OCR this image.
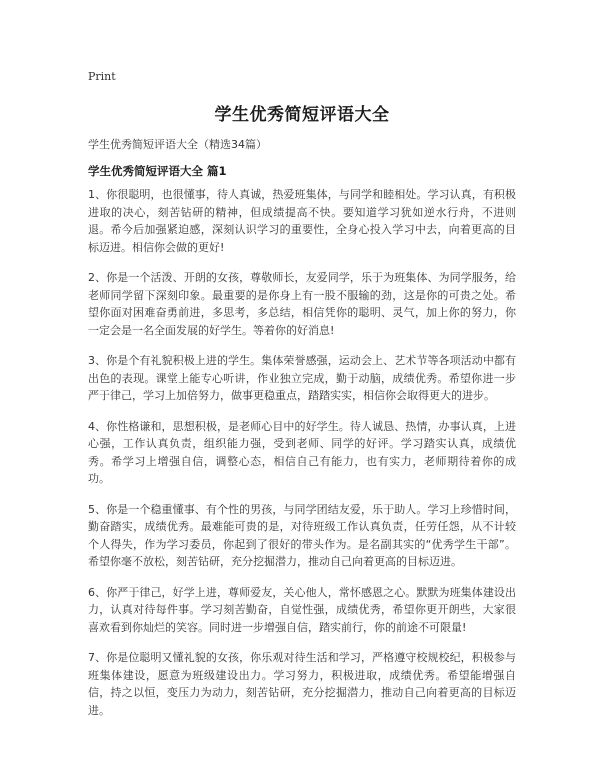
Print
学生优秀简短评语大全
学生优秀简短评语大全（精选34篇）
学生优秀简短评语大全 篇1

1、你很聪明，也很懂事，待人真诚，热爱班集体，与同学和睦相处。学习认真，有积极进取的决心，刻苦钻研的精神，但成绩提高不快。要知道学习犹如逆水行舟，不进则退。希今后加强紧迫感，深刻认识学习的重要性，全身心投入学习中去，向着更高的目标迈进。相信你会做的更好!

2、你是一个活泼、开朗的女孩，尊敬师长，友爱同学，乐于为班集体、为同学服务，给老师同学留下深刻印象。最重要的是你身上有一股不服输的劲，这是你的可贵之处。希望你面对困难奋勇前进，多思考，多总结，相信凭你的聪明、灵气，加上你的努力，你一定会是一名全面发展的好学生。等着你的好消息!

3、你是个有礼貌积极上进的学生。集体荣誉感强，运动会上、艺术节等各项活动中都有出色的表现。课堂上能专心听讲，作业独立完成，勤于动脑，成绩优秀。希望你进一步严于律己，学习上加倍努力，做事更稳重点，踏踏实实，相信你会取得更大的进步。

4、你性格谦和，思想积极，是老师心目中的好学生。待人诚恳、热情，办事认真，上进心强，工作认真负责，组织能力强，受到老师、同学的好评。学习踏实认真，成绩优秀。希学习上增强自信，调整心态，相信自己有能力，也有实力，老师期待着你的成功。

5、你是一个稳重懂事、有个性的男孩，与同学团结友爱，乐于助人。学习上珍惜时间，勤奋踏实，成绩优秀。最难能可贵的是，对待班级工作认真负责，任劳任怨，从不计较个人得失，作为学习委员，你起到了很好的带头作为。是名副其实的“优秀学生干部”。希望你毫不放松，刻苦钻研，充分挖掘潜力，推动自己向着更高的目标迈进。

6、你严于律己，好学上进，尊师爱友，关心他人，常怀感恩之心。默默为班集体建设出力，认真对待每件事。学习刻苦勤奋，自觉性强，成绩优秀，希望你更开朗些，大家很喜欢看到你灿烂的笑容。同时进一步增强自信，踏实前行，你的前途不可限量!

7、你是位聪明又懂礼貌的女孩，你乐观对待生活和学习，严格遵守校规校纪，积极参与班集体建设，愿意为班级建设出力。学习努力，积极进取，成绩优秀。希望能增强自信，持之以恒，变压力为动力，刻苦钻研，充分挖掘潜力，推动自己向着更高的目标迈进。
